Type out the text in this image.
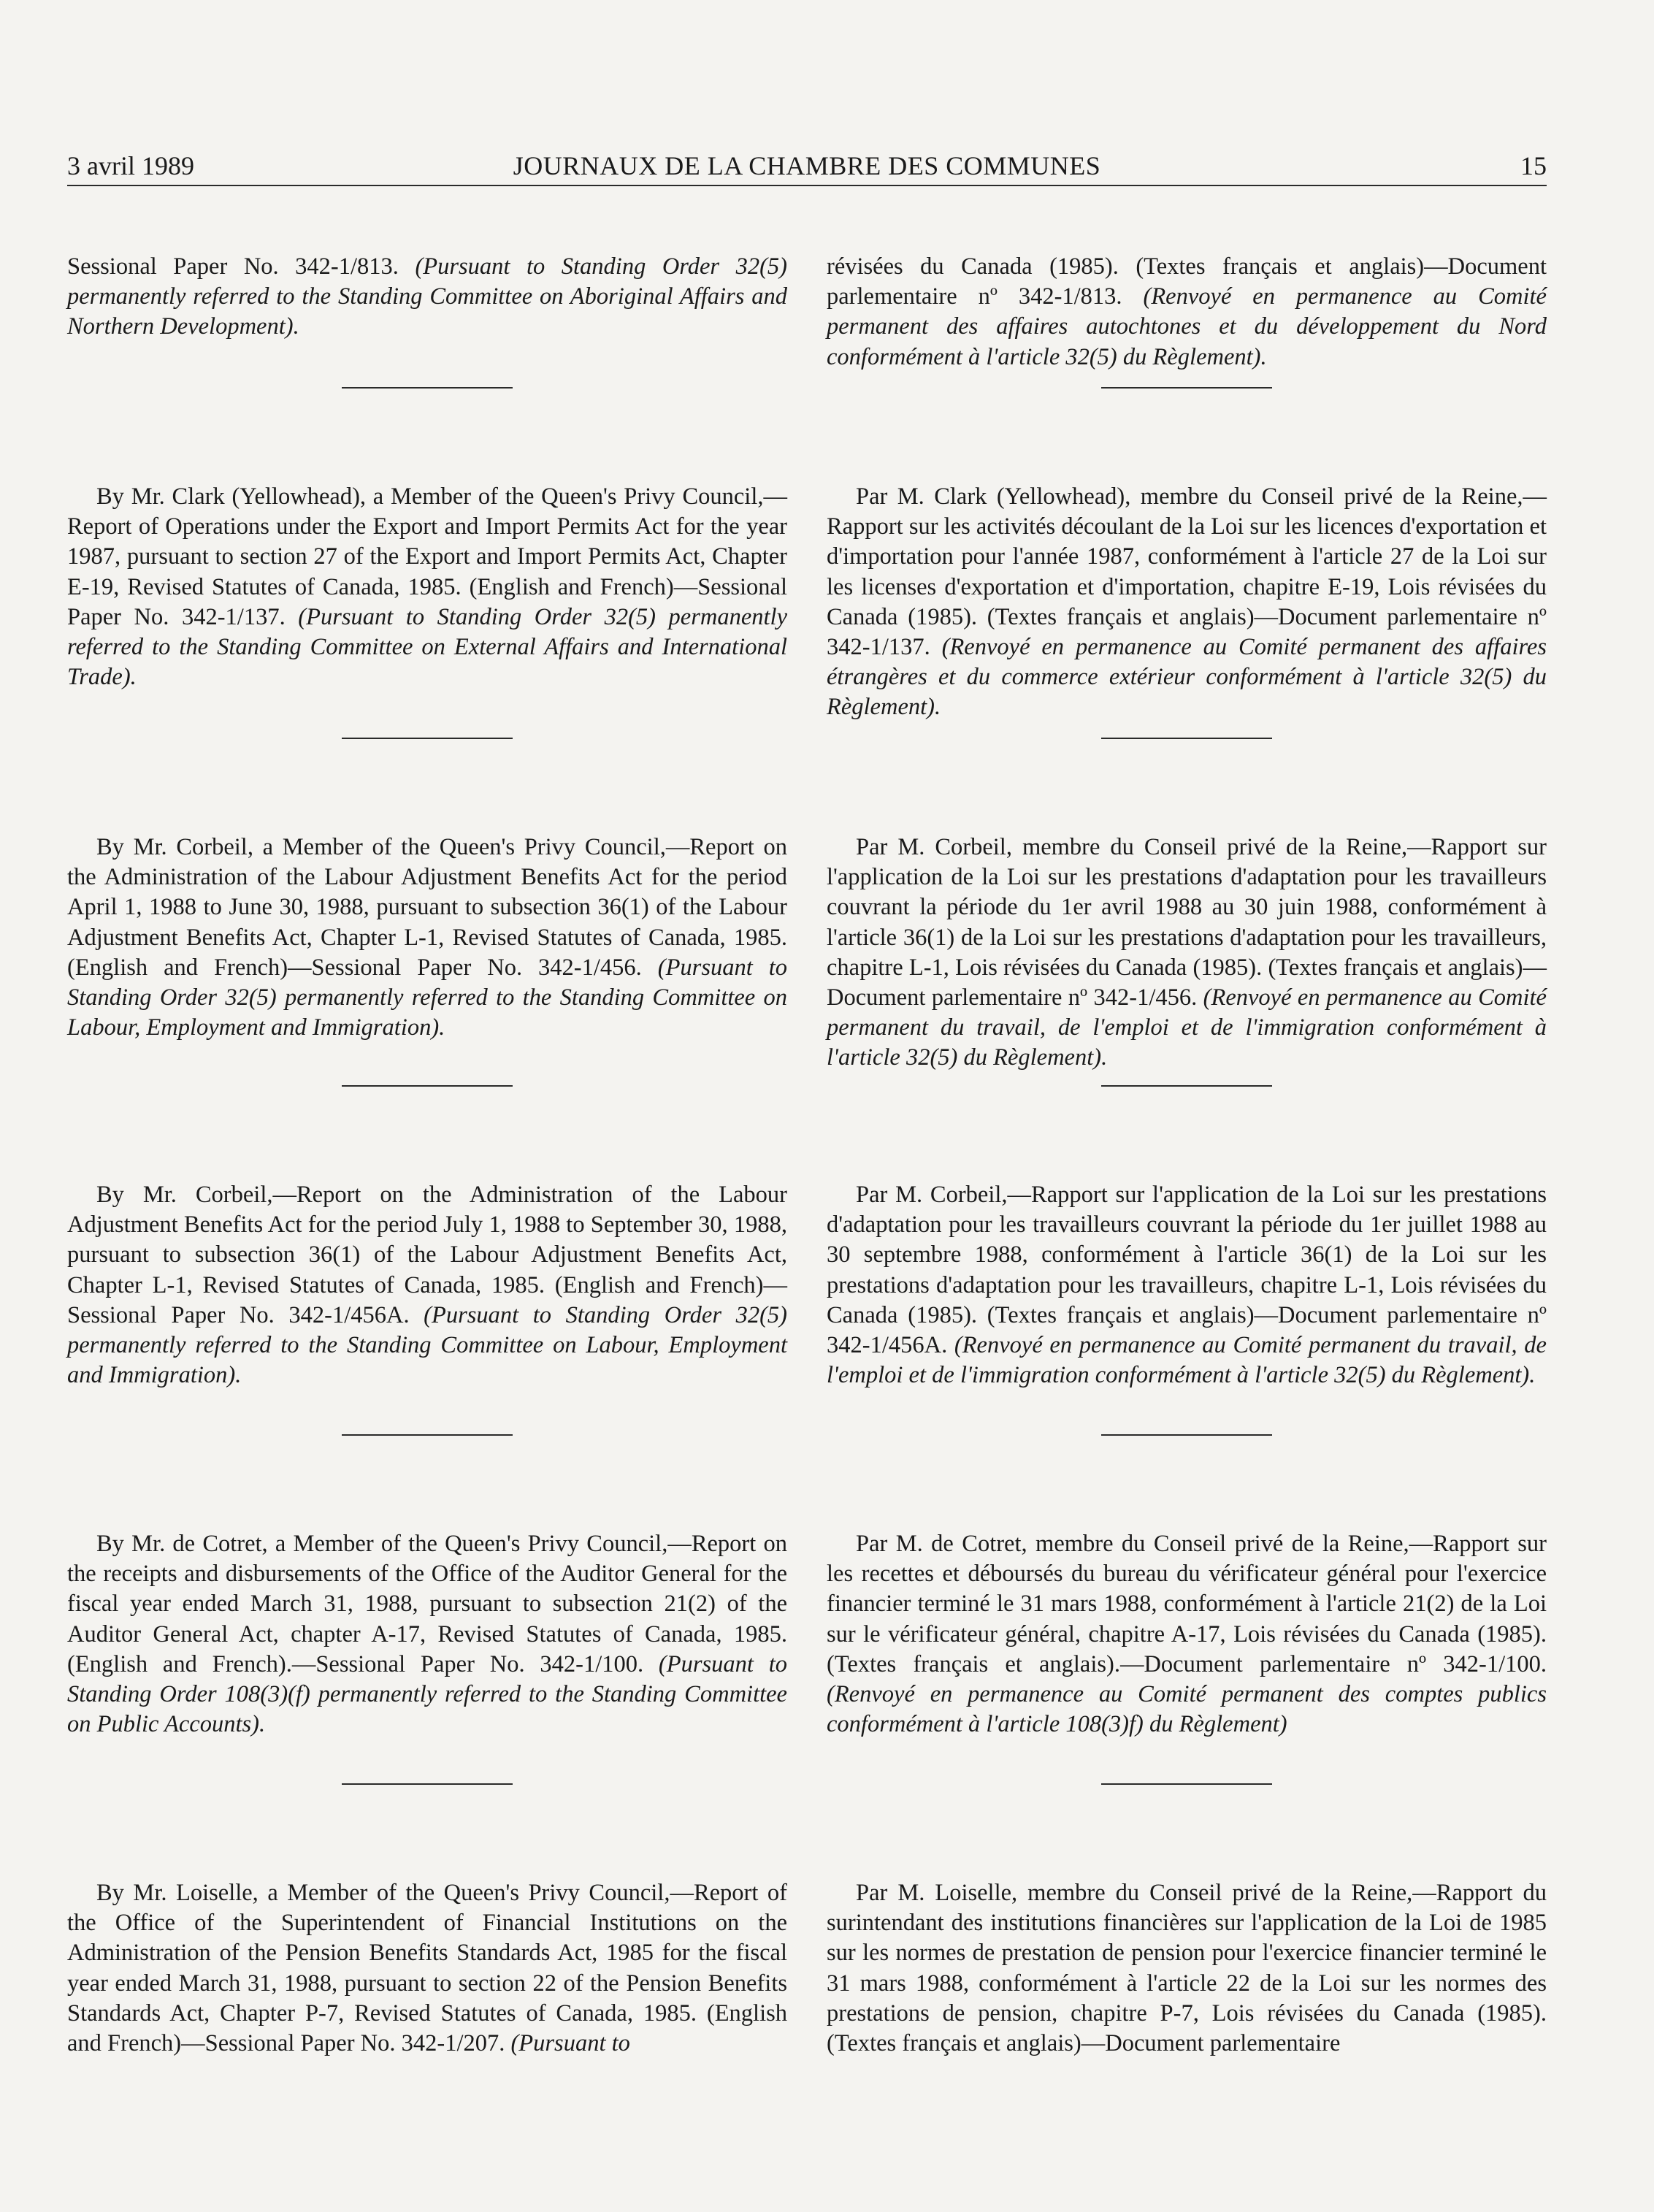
3 avril 1989	JOURNAUX DE LA CHAMBRE DES COMMUNES	15

Sessional Paper No. 342-1/813. (Pursuant to Standing Order 32(5) permanently referred to the Standing Committee on Aboriginal Affairs and Northern Development).

By Mr. Clark (Yellowhead), a Member of the Queen's Privy Council,—Report of Operations under the Export and Import Permits Act for the year 1987, pursuant to section 27 of the Export and Import Permits Act, Chapter E-19, Revised Statutes of Canada, 1985. (English and French)—Sessional Paper No. 342-1/137. (Pursuant to Standing Order 32(5) permanently referred to the Standing Committee on External Affairs and International Trade).

By Mr. Corbeil, a Member of the Queen's Privy Council,—Report on the Administration of the Labour Adjustment Benefits Act for the period April 1, 1988 to June 30, 1988, pursuant to subsection 36(1) of the Labour Adjustment Benefits Act, Chapter L-1, Revised Statutes of Canada, 1985. (English and French)—Sessional Paper No. 342-1/456. (Pursuant to Standing Order 32(5) permanently referred to the Standing Committee on Labour, Employment and Immigration).

By Mr. Corbeil,—Report on the Administration of the Labour Adjustment Benefits Act for the period July 1, 1988 to September 30, 1988, pursuant to subsection 36(1) of the Labour Adjustment Benefits Act, Chapter L-1, Revised Statutes of Canada, 1985. (English and French)—Sessional Paper No. 342-1/456A. (Pursuant to Standing Order 32(5) permanently referred to the Standing Committee on Labour, Employment and Immigration).

By Mr. de Cotret, a Member of the Queen's Privy Council,—Report on the receipts and disbursements of the Office of the Auditor General for the fiscal year ended March 31, 1988, pursuant to subsection 21(2) of the Auditor General Act, chapter A-17, Revised Statutes of Canada, 1985. (English and French).—Sessional Paper No. 342-1/100. (Pursuant to Standing Order 108(3)(f) permanently referred to the Standing Committee on Public Accounts).

By Mr. Loiselle, a Member of the Queen's Privy Council,—Report of the Office of the Superintendent of Financial Institutions on the Administration of the Pension Benefits Standards Act, 1985 for the fiscal year ended March 31, 1988, pursuant to section 22 of the Pension Benefits Standards Act, Chapter P-7, Revised Statutes of Canada, 1985. (English and French)—Sessional Paper No. 342-1/207. (Pursuant to

révisées du Canada (1985). (Textes français et anglais)—Document parlementaire nº 342-1/813. (Renvoyé en permanence au Comité permanent des affaires autochtones et du développement du Nord conformément à l'article 32(5) du Règlement).

Par M. Clark (Yellowhead), membre du Conseil privé de la Reine,—Rapport sur les activités découlant de la Loi sur les licences d'exportation et d'importation pour l'année 1987, conformément à l'article 27 de la Loi sur les licenses d'exportation et d'importation, chapitre E-19, Lois révisées du Canada (1985). (Textes français et anglais)—Document parlementaire nº 342-1/137. (Renvoyé en permanence au Comité permanent des affaires étrangères et du commerce extérieur conformément à l'article 32(5) du Règlement).

Par M. Corbeil, membre du Conseil privé de la Reine,—Rapport sur l'application de la Loi sur les prestations d'adaptation pour les travailleurs couvrant la période du 1er avril 1988 au 30 juin 1988, conformément à l'article 36(1) de la Loi sur les prestations d'adaptation pour les travailleurs, chapitre L-1, Lois révisées du Canada (1985). (Textes français et anglais)—Document parlementaire nº 342-1/456. (Renvoyé en permanence au Comité permanent du travail, de l'emploi et de l'immigration conformément à l'article 32(5) du Règlement).

Par M. Corbeil,—Rapport sur l'application de la Loi sur les prestations d'adaptation pour les travailleurs couvrant la période du 1er juillet 1988 au 30 septembre 1988, conformément à l'article 36(1) de la Loi sur les prestations d'adaptation pour les travailleurs, chapitre L-1, Lois révisées du Canada (1985). (Textes français et anglais)—Document parlementaire nº 342-1/456A. (Renvoyé en permanence au Comité permanent du travail, de l'emploi et de l'immigration conformément à l'article 32(5) du Règlement).

Par M. de Cotret, membre du Conseil privé de la Reine,—Rapport sur les recettes et déboursés du bureau du vérificateur général pour l'exercice financier terminé le 31 mars 1988, conformément à l'article 21(2) de la Loi sur le vérificateur général, chapitre A-17, Lois révisées du Canada (1985). (Textes français et anglais).—Document parlementaire nº 342-1/100. (Renvoyé en permanence au Comité permanent des comptes publics conformément à l'article 108(3)f) du Règlement)

Par M. Loiselle, membre du Conseil privé de la Reine,—Rapport du surintendant des institutions financières sur l'application de la Loi de 1985 sur les normes de prestation de pension pour l'exercice financier terminé le 31 mars 1988, conformément à l'article 22 de la Loi sur les normes des prestations de pension, chapitre P-7, Lois révisées du Canada (1985). (Textes français et anglais)—Document parlementaire
